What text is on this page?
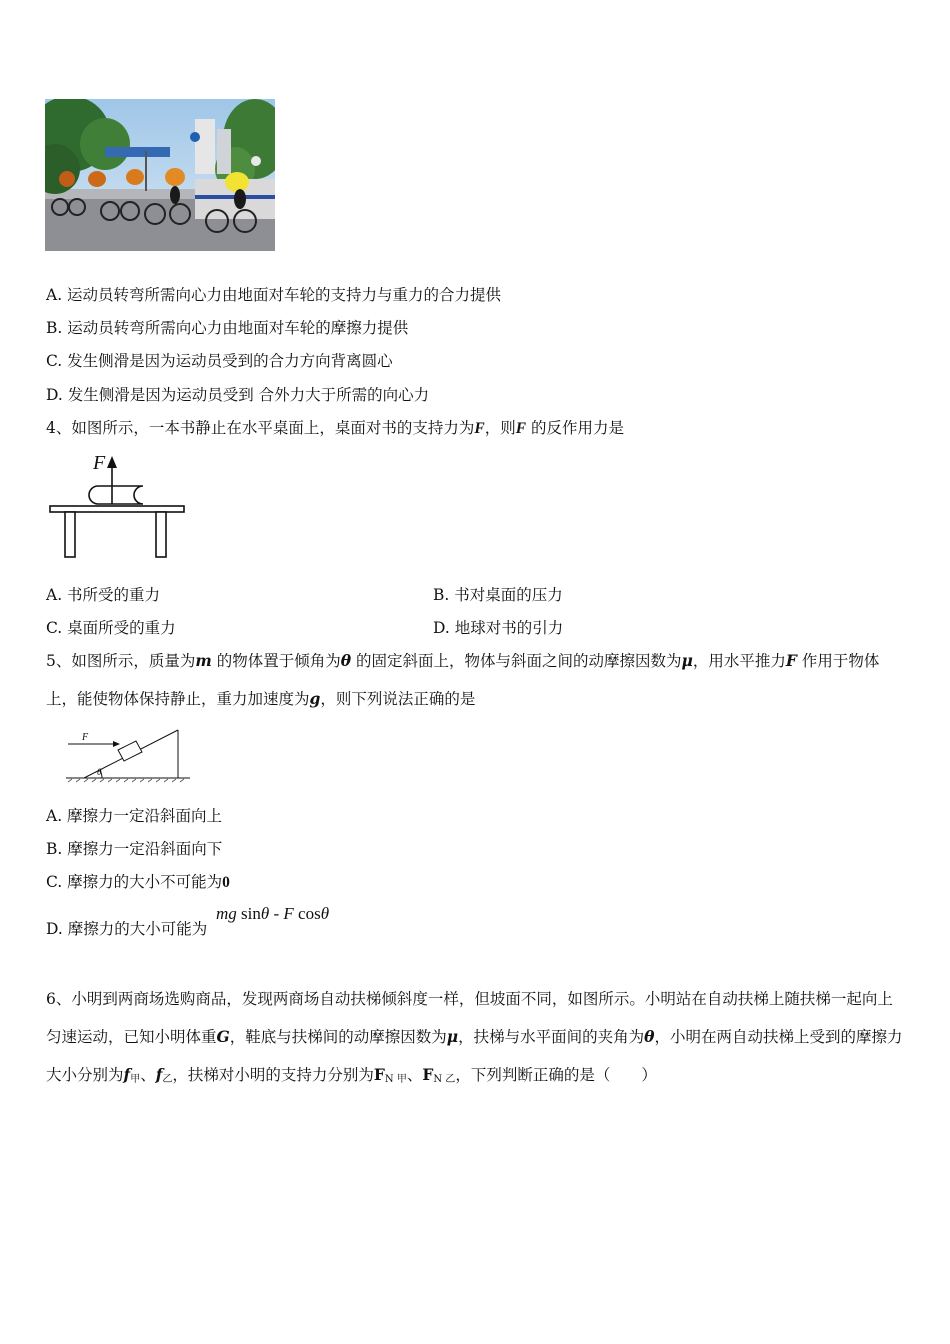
A. 运动员转弯所需向心力由地面对车轮的支持力与重力的合力提供
B. 运动员转弯所需向心力由地面对车轮的摩擦力提供
C. 发生侧滑是因为运动员受到的合力方向背离圆心
D. 发生侧滑是因为运动员受到 合外力大于所需的向心力
4、如图所示，一本书静止在水平桌面上，桌面对书的支持力为F，则F 的反作用力是
F
A. 书所受的重力	B. 书对桌面的压力
C. 桌面所受的重力	D. 地球对书的引力
5、如图所示，质量为m 的物体置于倾角为θ 的固定斜面上，物体与斜面之间的动摩擦因数为μ，用水平推力F 作用于物体上，能使物体保持静止，重力加速度为g，则下列说法正确的是
F
θ
A. 摩擦力一定沿斜面向上
B. 摩擦力一定沿斜面向下
C. 摩擦力的大小不可能为0
D. 摩擦力的大小可能为
mg sinθ - F cosθ
6、小明到两商场选购商品，发现两商场自动扶梯倾斜度一样，但坡面不同，如图所示。小明站在自动扶梯上随扶梯一起向上匀速运动，已知小明体重G，鞋底与扶梯间的动摩擦因数为μ，扶梯与水平面间的夹角为θ，小明在两自动扶梯上受到的摩擦力大小分别为$f_甲$、$f_乙$，扶梯对小明的支持力分别为$F_{N 甲}$、$F_{N 乙}$，下列判断正确的是（　　）
